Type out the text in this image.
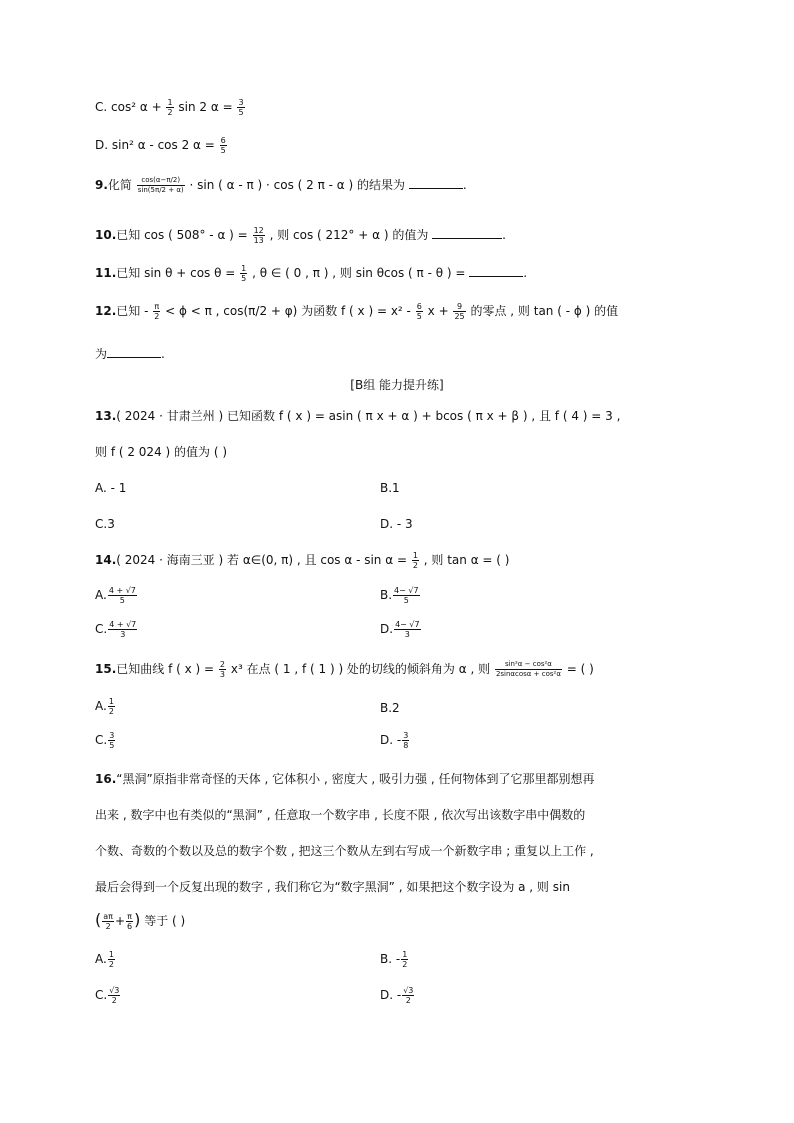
C. cos² $\alpha + \frac{1}{2}$ sin 2 $\alpha = \frac{3}{5}$
D. sin² α - cos 2 $\alpha = \frac{6}{5}$
9.化简 $\frac{\cos(\alpha-\pi/2)}{\sin(5\pi/2 + \alpha)} \cdot \sin$ ( α - π ) · cos ( 2 π - α ) 的结果为	.
10.已知 cos ( 508° - α ) = $\frac{12}{13}$ , 则 cos ( 212° + α ) 的值为	.
11.已知 $\sin \theta + \cos \theta = \frac{1}{5}$ , θ ∈ ( 0 , π ) , 则 sin θcos ( π - θ ) =	.
12.已知 - $\frac{\pi}{2} < \phi < \pi$ , cos(π/2 + φ) 为函数 f ( x ) = $x^2 - \frac{6}{5}$ $x + \frac{9}{25}$ 的零点 , 则 tan ( - ϕ ) 的值
为	.
[B组 能力提升练]
13.( 2024 · 甘肃兰州 ) 已知函数 f ( x ) = asin ( π x + α ) + bcos ( π x + β ) , 且 f ( 4 ) = 3 ,
则 f ( 2 024 ) 的值为 ( )
A. - 1	B.1
C.3	D. - 3
14.( 2024 · 海南三亚 ) 若 α∈(0, π) , 且 $\cos \alpha - \sin \alpha = \frac{1}{2}$ , 则 tan α = ( )
A. $\frac{4 + √7}{5}$	B. $\frac{4- √7}{5}$
C. $\frac{4 + √7}{3}$	D. $\frac{4- √7}{3}$
15.已知曲线 f ( x ) = $\frac{2}{3} x^3$ 在点 ( 1 , f ( 1 ) ) 处的切线的倾斜角为 α , 则 $\frac{\text{sin²α − cos²α}}{\text{2sinαcosα + cos²α}}$ = ( )
A. $\frac{1}{2}$	B.2
C. $\frac{3}{5}$	D. - $\frac{3}{8}$
16.“黑洞”原指非常奇怪的天体 , 它体积小 , 密度大 , 吸引力强 , 任何物体到了它那里都别想再
出来 , 数字中也有类似的“黑洞” , 任意取一个数字串 , 长度不限 , 依次写出该数字串中偶数的
个数、奇数的个数以及总的数字个数 , 把这三个数从左到右写成一个新数字串 ; 重复以上工作 ,
最后会得到一个反复出现的数字 , 我们称它为“数字黑洞” , 如果把这个数字设为 a , 则 sin
( $\frac{a\pi}{2} + \frac{\pi}{6}$ ) 等于 ( )
A. $\frac{1}{2}$	B. - $\frac{1}{2}$
C. $\frac{√3}{2}$	D. - $\frac{√3}{2}$
